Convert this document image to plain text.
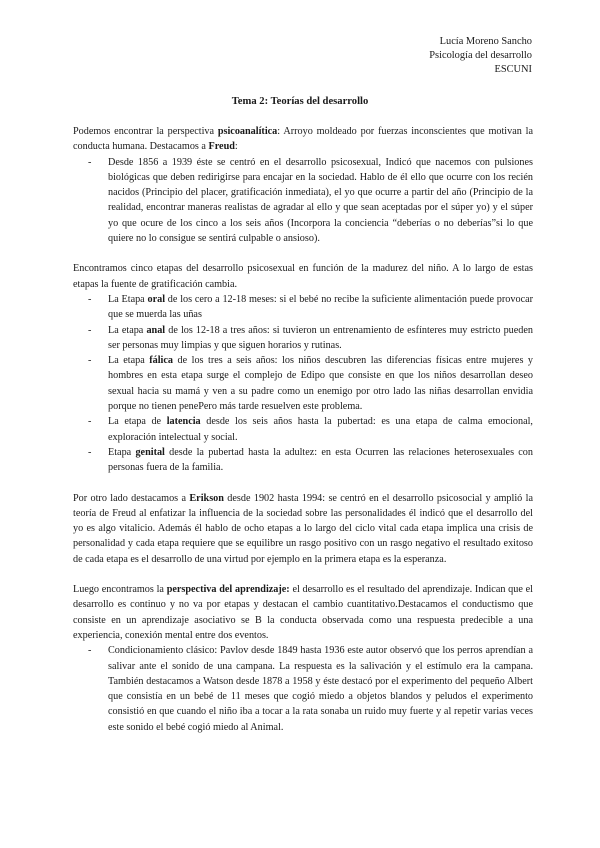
Lucía Moreno Sancho
Psicología del desarrollo
ESCUNI
Tema 2: Teorías del desarrollo

Podemos encontrar la perspectiva psicoanalítica: Arroyo moldeado por fuerzas inconscientes que motivan la conducta humana. Destacamos a Freud:

- Desde 1856 a 1939 éste se centró en el desarrollo psicosexual, Indicó que nacemos con pulsiones biológicas que deben redirigirse para encajar en la sociedad. Hablo de él ello que ocurre con los recién nacidos (Principio del placer, gratificación inmediata), el yo que ocurre a partir del año (Principio de la realidad, encontrar maneras realistas de agradar al ello y que sean aceptadas por el súper yo) y el súper yo que ocure de los cinco a los seis años (Incorpora la conciencia “deberías o no deberías”si lo que quiere no lo consigue se sentirá culpable o ansioso).

Encontramos cinco etapas del desarrollo psicosexual en función de la madurez del niño. A lo largo de estas etapas la fuente de gratificación cambia.

- La Etapa oral de los cero a 12-18 meses: si el bebé no recibe la suficiente alimentación puede provocar que se muerda las uñas
- La etapa anal de los 12-18 a tres años: si tuvieron un entrenamiento de esfínteres muy estricto pueden ser personas muy limpias y que siguen horarios y rutinas.
- La etapa fálica de los tres a seis años: los niños descubren las diferencias físicas entre mujeres y hombres en esta etapa surge el complejo de Edipo que consiste en que los niños desarrollan deseo sexual hacia su mamá y ven a su padre como un enemigo por otro lado las niñas desarrollan envidia porque no tienen penePero más tarde resuelven este problema.
- La etapa de latencia desde los seis años hasta la pubertad: es una etapa de calma emocional, exploración intelectual y social.
- Etapa genital desde la pubertad hasta la adultez: en esta Ocurren las relaciones heterosexuales con personas fuera de la familia.

Por otro lado destacamos a Erikson desde 1902 hasta 1994: se centró en el desarrollo psicosocial y amplió la teoría de Freud al enfatizar la influencia de la sociedad sobre las personalidades él indicó que el desarrollo del yo es algo vitalicio. Además él hablo de ocho etapas a lo largo del ciclo vital cada etapa implica una crisis de personalidad y cada etapa requiere que se equilibre un rasgo positivo con un rasgo negativo el resultado exitoso de cada etapa es el desarrollo de una virtud por ejemplo en la primera etapa es la esperanza.

Luego encontramos la perspectiva del aprendizaje: el desarrollo es el resultado del aprendizaje. Indican que el desarrollo es continuo y no va por etapas y destacan el cambio cuantitativo.Destacamos el conductismo que consiste en un aprendizaje asociativo se B la conducta observada como una respuesta predecible a una experiencia, conexión mental entre dos eventos.

- Condicionamiento clásico: Pavlov desde 1849 hasta 1936 este autor observó que los perros aprendían a salivar ante el sonido de una campana. La respuesta es la salivación y el estímulo era la campana. También destacamos a Watson desde 1878 a 1958 y éste destacó por el experimento del pequeño Albert que consistía en un bebé de 11 meses que cogió miedo a objetos blandos y peludos el experimento consistió en que cuando el niño iba a tocar a la rata sonaba un ruido muy fuerte y al repetir varias veces este sonido el bebé cogió miedo al Animal.
